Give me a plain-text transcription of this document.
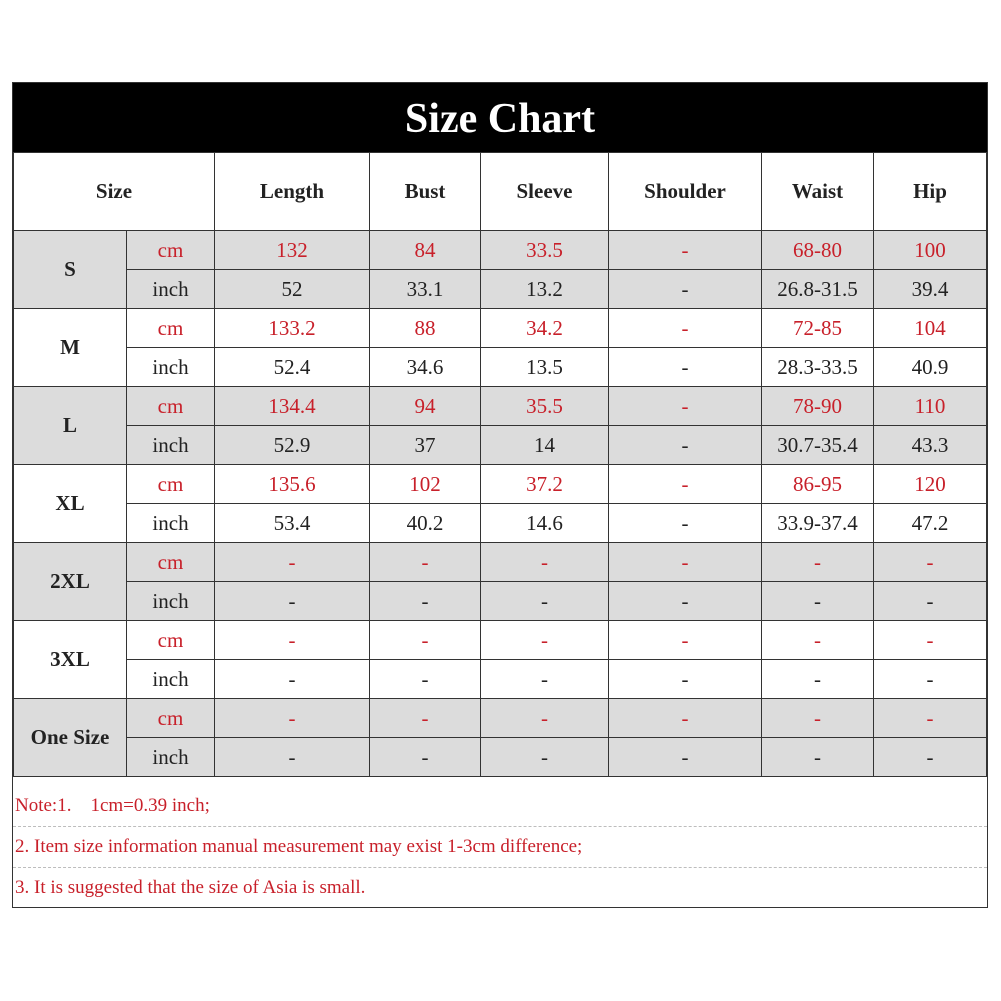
Size Chart
Size		Length	Bust	Sleeve	Shoulder	Waist	Hip
S	cm	132	84	33.5	-	68-80	100
	inch	52	33.1	13.2	-	26.8-31.5	39.4
M	cm	133.2	88	34.2	-	72-85	104
	inch	52.4	34.6	13.5	-	28.3-33.5	40.9
L	cm	134.4	94	35.5	-	78-90	110
	inch	52.9	37	14	-	30.7-35.4	43.3
XL	cm	135.6	102	37.2	-	86-95	120
	inch	53.4	40.2	14.6	-	33.9-37.4	47.2
2XL	cm	-	-	-	-	-	-
	inch	-	-	-	-	-	-
3XL	cm	-	-	-	-	-	-
	inch	-	-	-	-	-	-
One Size	cm	-	-	-	-	-	-
	inch	-	-	-	-	-	-
Note:1.    1cm=0.39 inch;
2. Item size information manual measurement may exist 1-3cm difference;
3. It is suggested that the size of Asia is small.
